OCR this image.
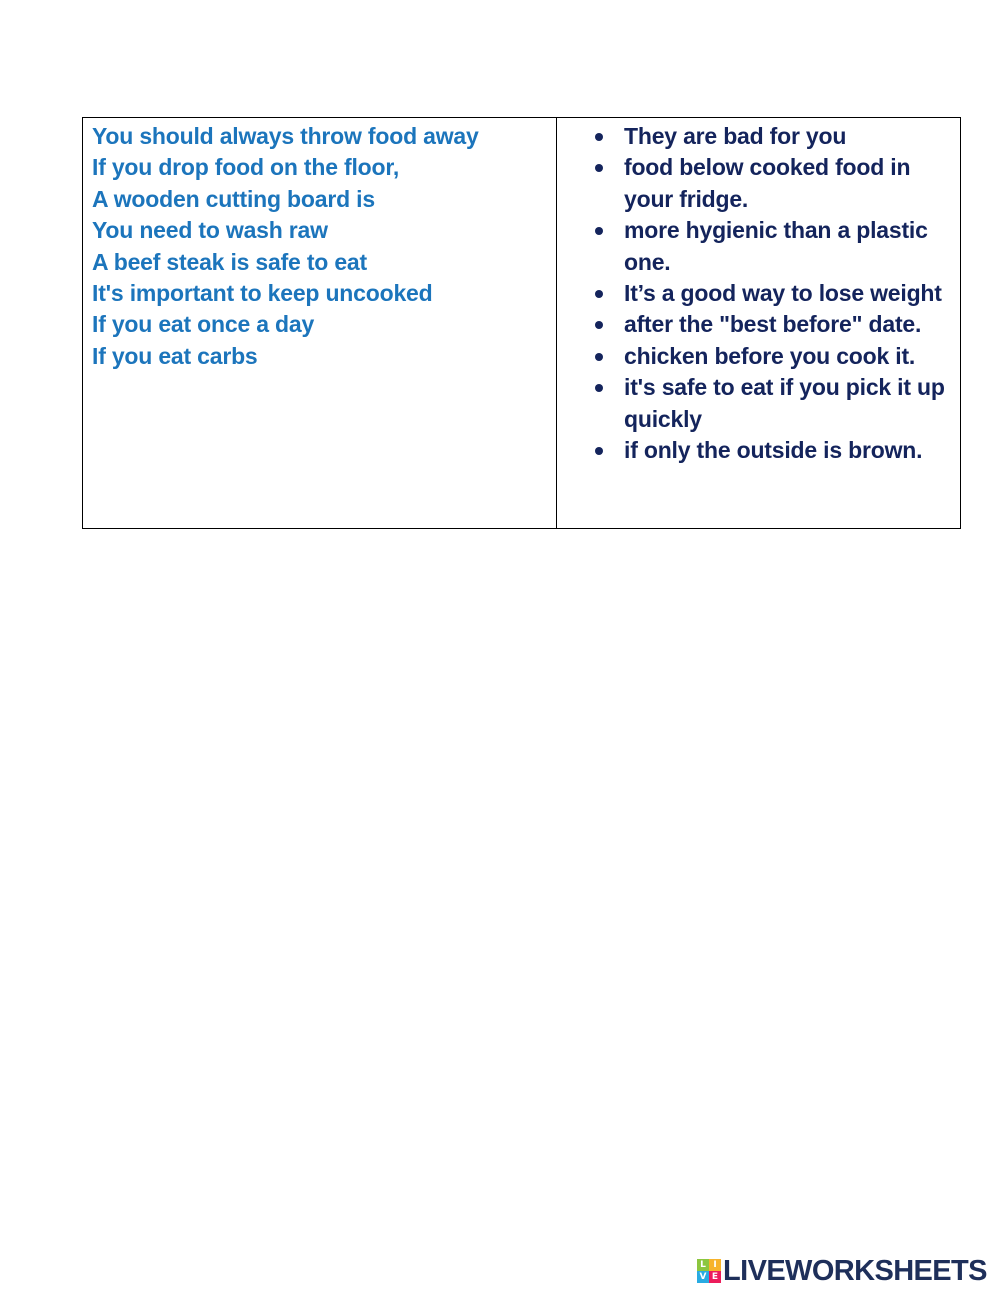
You should always throw food away
If you drop food on the floor,
A wooden cutting board is
You need to wash raw
A beef steak is safe to eat
It's important to keep uncooked
If you eat once a day
If you eat carbs
They are bad for you
food below cooked food in your fridge.
more hygienic than a plastic one.
It’s a good way to lose weight
after the "best before" date.
chicken before you cook it.
it's safe to eat if you pick it up quickly
if only the outside is brown.
L I
V E LIVEWORKSHEETS
